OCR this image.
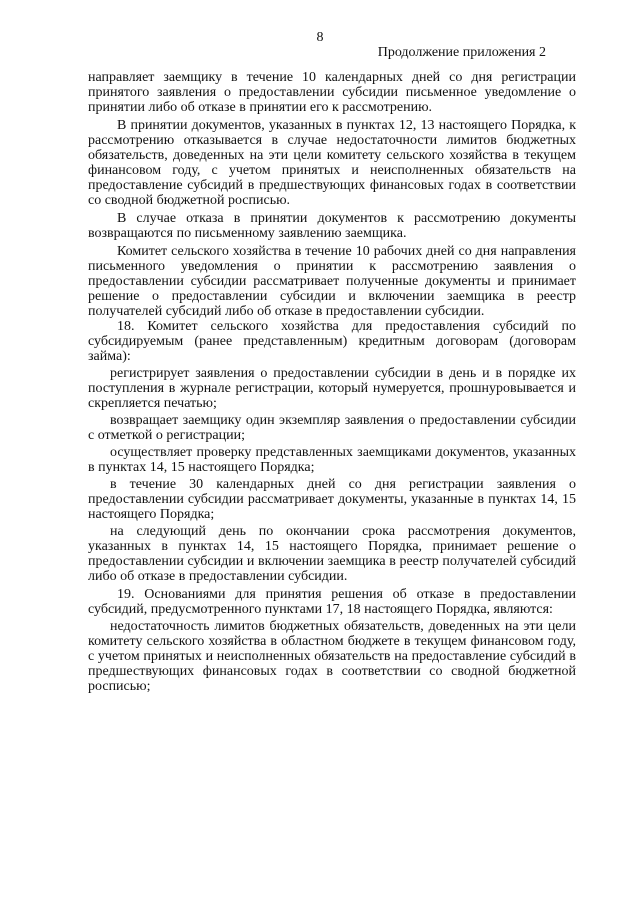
8
Продолжение приложения 2

направляет заемщику в течение 10 календарных дней со дня регистрации принятого заявления о предоставлении субсидии письменное уведомление о принятии либо об отказе в принятии его к рассмотрению.

В принятии документов, указанных в пунктах 12, 13 настоящего Порядка, к рассмотрению отказывается в случае недостаточности лимитов бюджетных обязательств, доведенных на эти цели комитету сельского хозяйства в текущем финансовом году, с учетом принятых и неисполненных обязательств на предоставление субсидий в предшествующих финансовых годах в соответствии со сводной бюджетной росписью.

В случае отказа в принятии документов к рассмотрению документы возвращаются по письменному заявлению заемщика.

Комитет сельского хозяйства в течение 10 рабочих дней со дня направления письменного уведомления о принятии к рассмотрению заявления о предоставлении субсидии рассматривает полученные документы и принимает решение о предоставлении субсидии и включении заемщика в реестр получателей субсидий либо об отказе в предоставлении субсидии.

18. Комитет сельского хозяйства для предоставления субсидий по субсидируемым (ранее представленным) кредитным договорам (договорам займа):

регистрирует заявления о предоставлении субсидии в день и в порядке их поступления в журнале регистрации, который нумеруется, прошнуровывается и скрепляется печатью;

возвращает заемщику один экземпляр заявления о предоставлении субсидии с отметкой о регистрации;

осуществляет проверку представленных заемщиками документов, указанных в пунктах 14, 15 настоящего Порядка;

в течение 30 календарных дней со дня регистрации заявления о предоставлении субсидии рассматривает документы, указанные в пунктах 14, 15 настоящего Порядка;

на следующий день по окончании срока рассмотрения документов, указанных в пунктах 14, 15 настоящего Порядка, принимает решение о предоставлении субсидии и включении заемщика в реестр получателей субсидий либо об отказе в предоставлении субсидии.

19. Основаниями для принятия решения об отказе в предоставлении субсидий, предусмотренного пунктами 17, 18 настоящего Порядка, являются:

недостаточность лимитов бюджетных обязательств, доведенных на эти цели комитету сельского хозяйства в областном бюджете в текущем финансовом году, с учетом принятых и неисполненных обязательств на предоставление субсидий в предшествующих финансовых годах в соответствии со сводной бюджетной росписью;
